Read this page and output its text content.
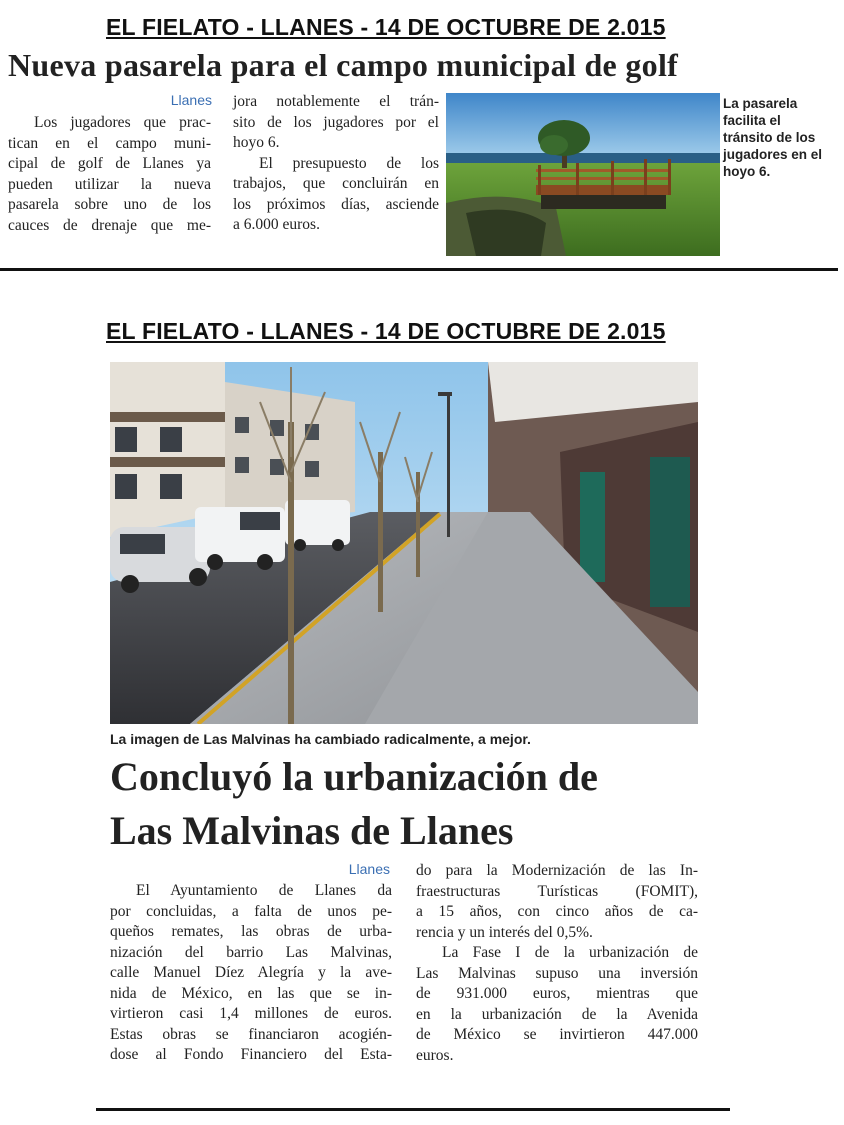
EL FIELATO - LLANES - 14 DE OCTUBRE DE 2.015
Nueva pasarela para el campo municipal de golf
Llanes
Los jugadores que prac-
tican en el campo muni-
cipal de golf de Llanes ya
pueden utilizar la nueva
pasarela sobre uno de los
cauces de drenaje que me-
jora notablemente el trán-
sito de los jugadores por el
hoyo 6.
El presupuesto de los
trabajos, que concluirán en
los próximos días, asciende
a 6.000 euros.
La pasarela
facilita el
tránsito de los
jugadores en el
hoyo 6.
EL FIELATO - LLANES - 14 DE OCTUBRE DE 2.015
La imagen de Las Malvinas ha cambiado radicalmente, a mejor.
Concluyó la urbanización de
Las Malvinas de Llanes
Llanes
El Ayuntamiento de Llanes da
por concluidas, a falta de unos pe-
queños remates, las obras de urba-
nización del barrio Las Malvinas,
calle Manuel Díez Alegría y la ave-
nida de México, en las que se in-
virtieron casi 1,4 millones de euros.
Estas obras se financiaron acogién-
dose al Fondo Financiero del Esta-
do para la Modernización de las In-
fraestructuras Turísticas (FOMIT),
a 15 años, con cinco años de ca-
rencia y un interés del 0,5%.
La Fase I de la urbanización de
Las Malvinas supuso una inversión
de 931.000 euros, mientras que
en la urbanización de la Avenida
de México se invirtieron 447.000
euros.
